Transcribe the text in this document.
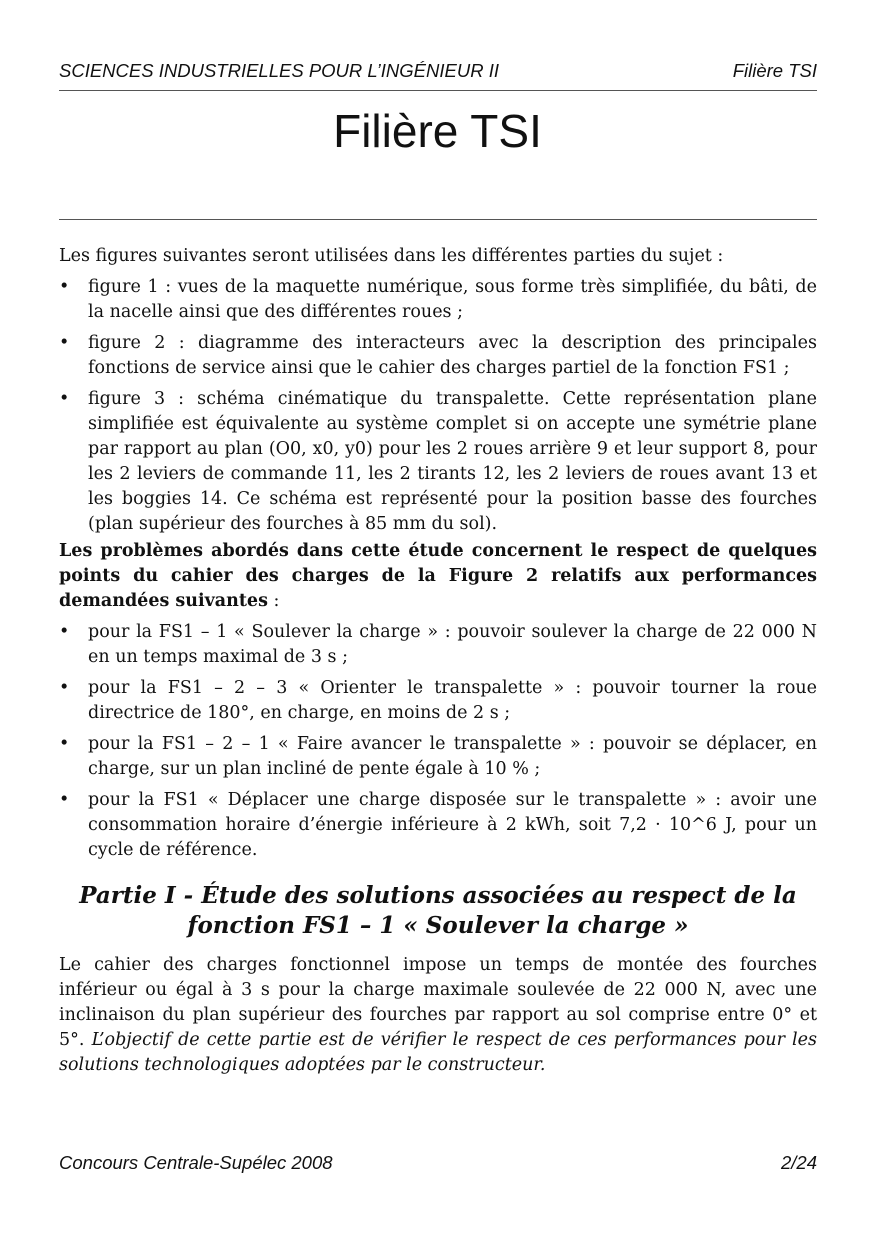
SCIENCES INDUSTRIELLES POUR L’INGÉNIEUR II	Filière TSI
Filière TSI

Les figures suivantes seront utilisées dans les différentes parties du sujet :

• figure 1 : vues de la maquette numérique, sous forme très simplifiée, du bâti, de la nacelle ainsi que des différentes roues ;
• figure 2 : diagramme des interacteurs avec la description des principales fonctions de service ainsi que le cahier des charges partiel de la fonction FS1 ;
• figure 3 : schéma cinématique du transpalette. Cette représentation plane simplifiée est équivalente au système complet si on accepte une symétrie plane par rapport au plan (O0, x0, y0) pour les 2 roues arrière 9 et leur support 8, pour les 2 leviers de commande 11, les 2 tirants 12, les 2 leviers de roues avant 13 et les boggies 14. Ce schéma est représenté pour la position basse des fourches (plan supérieur des fourches à 85 mm du sol).

Les problèmes abordés dans cette étude concernent le respect de quelques points du cahier des charges de la Figure 2 relatifs aux performances demandées suivantes :

• pour la FS1 – 1 « Soulever la charge » : pouvoir soulever la charge de 22 000 N en un temps maximal de 3 s ;
• pour la FS1 – 2 – 3 « Orienter le transpalette » : pouvoir tourner la roue directrice de 180°, en charge, en moins de 2 s ;
• pour la FS1 – 2 – 1 « Faire avancer le transpalette » : pouvoir se déplacer, en charge, sur un plan incliné de pente égale à 10 % ;
• pour la FS1 « Déplacer une charge disposée sur le transpalette » : avoir une consommation horaire d’énergie inférieure à 2 kWh, soit 7,2 · 10^6 J, pour un cycle de référence.
Partie I - Étude des solutions associées au respect de la fonction FS1 – 1 « Soulever la charge »

Le cahier des charges fonctionnel impose un temps de montée des fourches inférieur ou égal à 3 s pour la charge maximale soulevée de 22 000 N, avec une inclinaison du plan supérieur des fourches par rapport au sol comprise entre 0° et 5°. L’objectif de cette partie est de vérifier le respect de ces performances pour les solutions technologiques adoptées par le constructeur.

Concours Centrale-Supélec 2008	2/24
